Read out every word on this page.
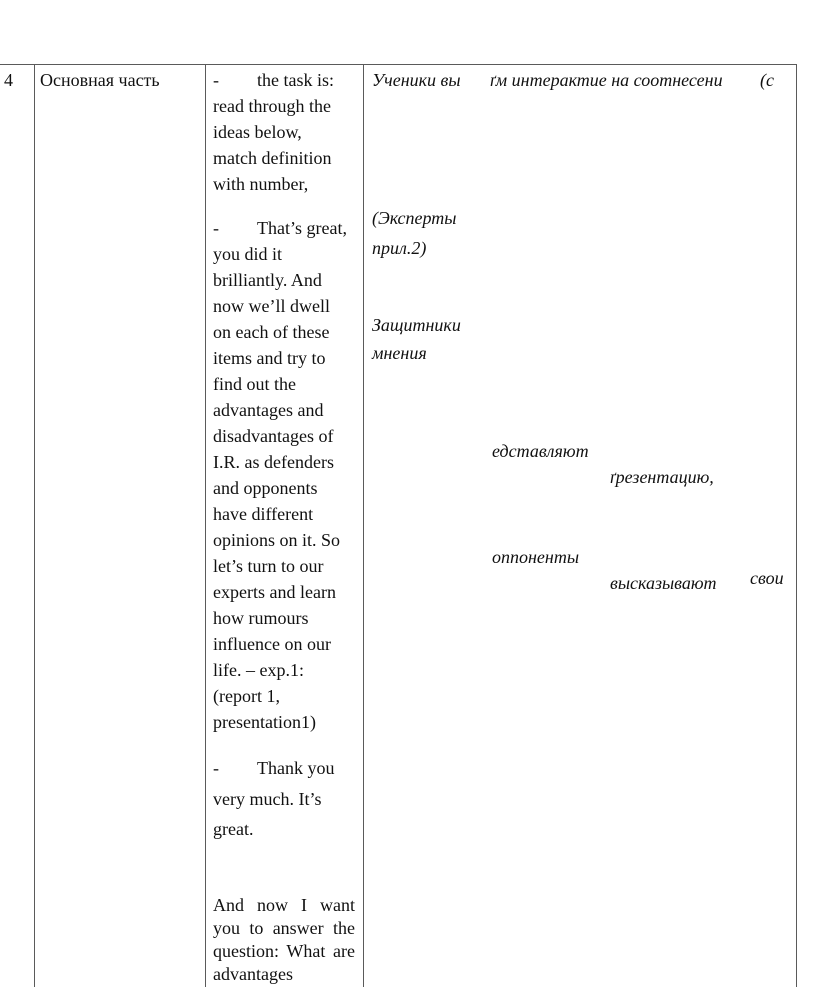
4 Основная часть	- the task is:
read through the
ideas below,
match definition
with number,
- That’s great,
you did it
brilliantly. And
now we’ll dwell
on each of these
items and try to
find out the
advantages and
disadvantages of
I.R. as defenders
and opponents
have different
opinions on it. So
let’s turn to our
experts and learn
how rumours
influence on our
life. – exp.1:
(report 1,
presentation1)
- Thank you
very much. It’s
great.
And now I want you to answer the question: What are advantages
Ученики вы
(Эксперты
прил.2)
Защитники
мнения
ґм интерактие на соотнесени (с
едставляют
ґрезентацию,
оппоненты
высказывают свои
